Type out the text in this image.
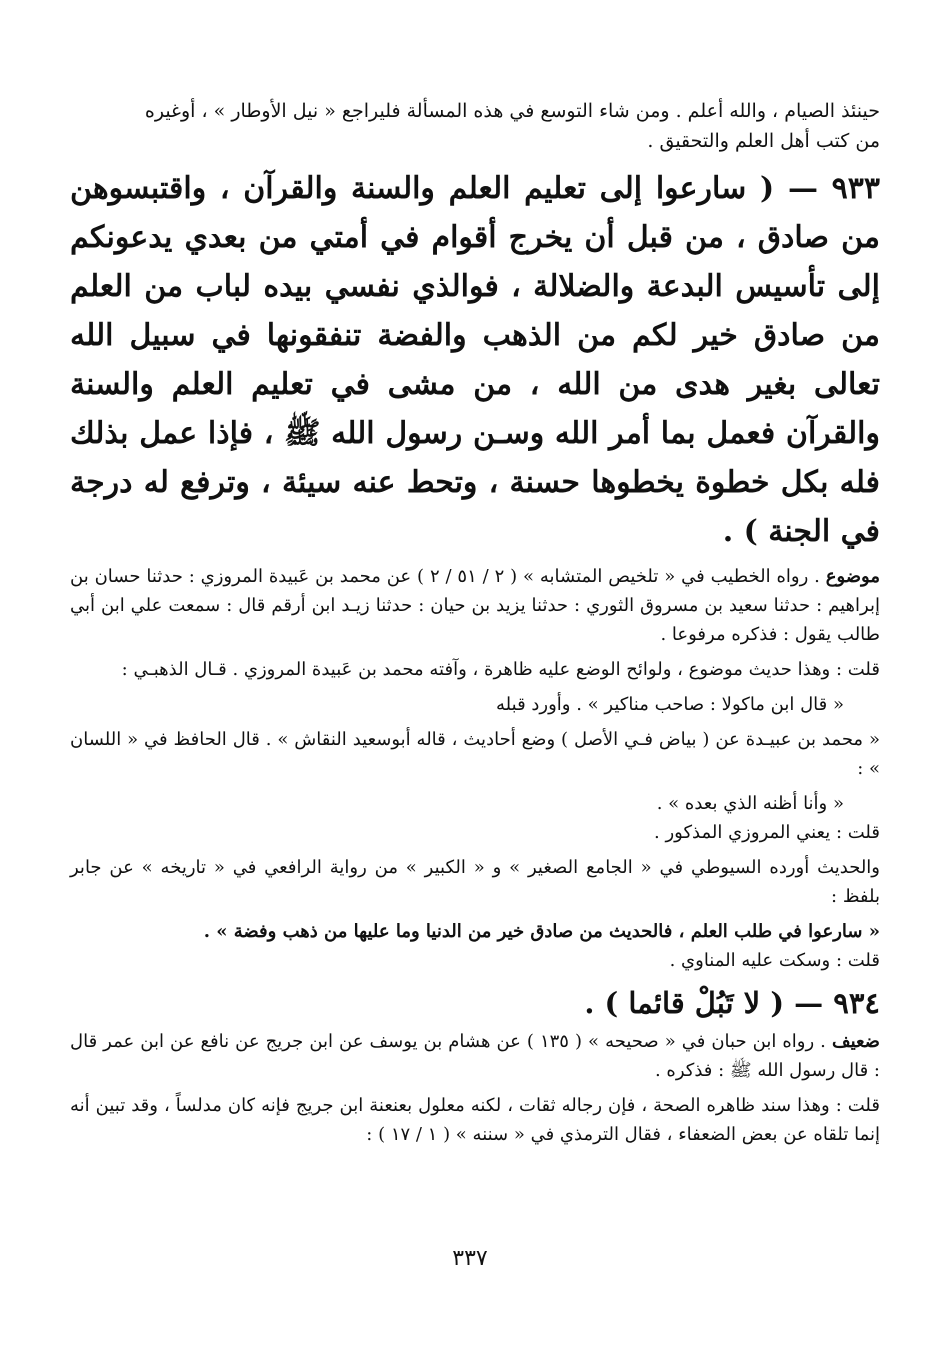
حينئذ الصيام ، والله أعلم . ومن شاء التوسع في هذه المسألة فليراجع « نيل الأوطار » ، أوغيره
من كتب أهل العلم والتحقيق .

٩٣٣ — ( سارعوا إلى تعليم العلم والسنة والقرآن ، واقتبسوهن من صادق ، من قبل أن يخرج أقوام في أمتي من بعدي يدعونكم إلى تأسيس البدعة والضلالة ، فوالذي نفسي بيده لباب من العلم من صادق خير لكم من الذهب والفضة تنفقونها في سبيل الله تعالى بغير هدى من الله ، من مشى في تعليم العلم والسنة والقرآن فعمل بما أمر الله وسـن رسول الله ﷺ ، فإذا عمل بذلك فله بكل خطوة يخطوها حسنة ، وتحط عنه سيئة ، وترفع له درجة في الجنة ) .

موضوع . رواه الخطيب في « تلخيص المتشابه » ( ٢ / ٥١ / ٢ ) عن محمد بن عَبيدة المروزي : حدثنا حسان بن إبراهيم : حدثنا سعيد بن مسروق الثوري : حدثنا يزيد بن حيان : حدثنا زيـد ابن أرقم قال : سمعت علي ابن أبي طالب يقول : فذكره مرفوعا .

قلت : وهذا حديث موضوع ، ولوائح الوضع عليه ظاهرة ، وآفته محمد بن عَبيدة المروزي . قـال الذهبـي :

« قال ابن ماكولا : صاحب مناكير » . وأورد قبله

« محمد بن عبيـدة عن ( بياض فـي الأصل ) وضع أحاديث ، قاله أبوسعيد النقاش » . قال الحافظ في « اللسان » :

« وأنا أظنه الذي بعده » .

قلت : يعني المروزي المذكور .

والحديث أورده السيوطي في « الجامع الصغير » و « الكبير » من رواية الرافعي في « تاريخه » عن جابر بلفظ :

« سارعوا في طلب العلم ، فالحديث من صادق خير من الدنيا وما عليها من ذهب وفضة » .

قلت : وسكت عليه المناوي .

٩٣٤ — ( لا تَبُلْ قائما ) .

ضعيف . رواه ابن حبان في « صحيحه » ( ١٣٥ ) عن هشام بن يوسف عن ابن جريج عن نافع عن ابن عمر قال : قال رسول الله ﷺ : فذكره .

قلت : وهذا سند ظاهره الصحة ، فإن رجاله ثقات ، لكنه معلول بعنعنة ابن جريج فإنه كان مدلساً ، وقد تبين أنه إنما تلقاه عن بعض الضعفاء ، فقال الترمذي في « سننه » ( ١ / ١٧ ) :

٣٣٧
